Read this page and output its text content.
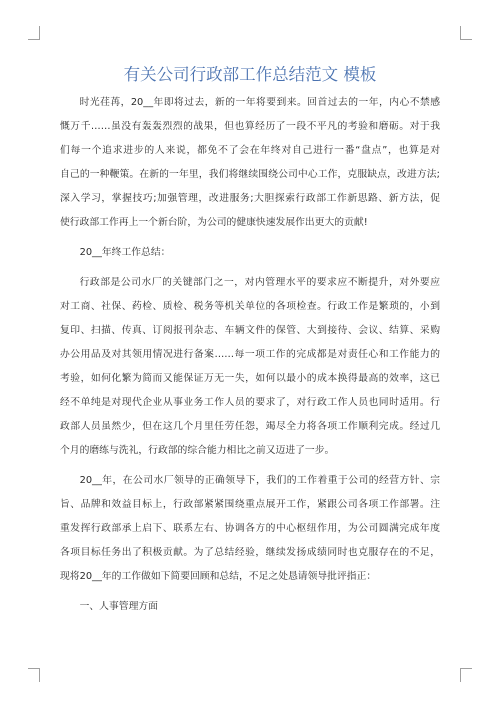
有关公司行政部工作总结范文 模板
时光荏苒，20__年即将过去，新的一年将要到来。回首过去的一年，内心不禁感
慨万千……虽没有轰轰烈烈的战果，但也算经历了一段不平凡的考验和磨砺。对于我
们每一个追求进步的人来说，都免不了会在年终对自己进行一番“盘点”，也算是对
自己的一种鞭策。在新的一年里，我们将继续围绕公司中心工作，克服缺点，改进方法;
深入学习，掌握技巧;加强管理，改进服务;大胆探索行政部工作新思路、新方法，促
使行政部工作再上一个新台阶，为公司的健康快速发展作出更大的贡献!
20__年终工作总结：
行政部是公司水厂的关键部门之一，对内管理水平的要求应不断提升，对外要应
对工商、社保、药检、质检、税务等机关单位的各项检查。行政工作是繁琐的，小到
复印、扫描、传真、订阅报刊杂志、车辆文件的保管、大到接待、会议、结算、采购
办公用品及对其领用情况进行备案……每一项工作的完成都是对责任心和工作能力的
考验，如何化繁为简而又能保证万无一失，如何以最小的成本换得最高的效率，这已
经不单纯是对现代企业从事业务工作人员的要求了，对行政工作人员也同时适用。行
政部人员虽然少，但在这几个月里任劳任怨，竭尽全力将各项工作顺利完成。经过几
个月的磨练与洗礼，行政部的综合能力相比之前又迈进了一步。
20__年，在公司水厂领导的正确领导下，我们的工作着重于公司的经营方针、宗
旨、品牌和效益目标上，行政部紧紧围绕重点展开工作，紧跟公司各项工作部署。注
重发挥行政部承上启下、联系左右、协调各方的中心枢纽作用，为公司圆满完成年度
各项目标任务出了积极贡献。为了总结经验，继续发扬成绩同时也克服存在的不足，
现将20__年的工作做如下简要回顾和总结，不足之处恳请领导批评指正：
一、人事管理方面
